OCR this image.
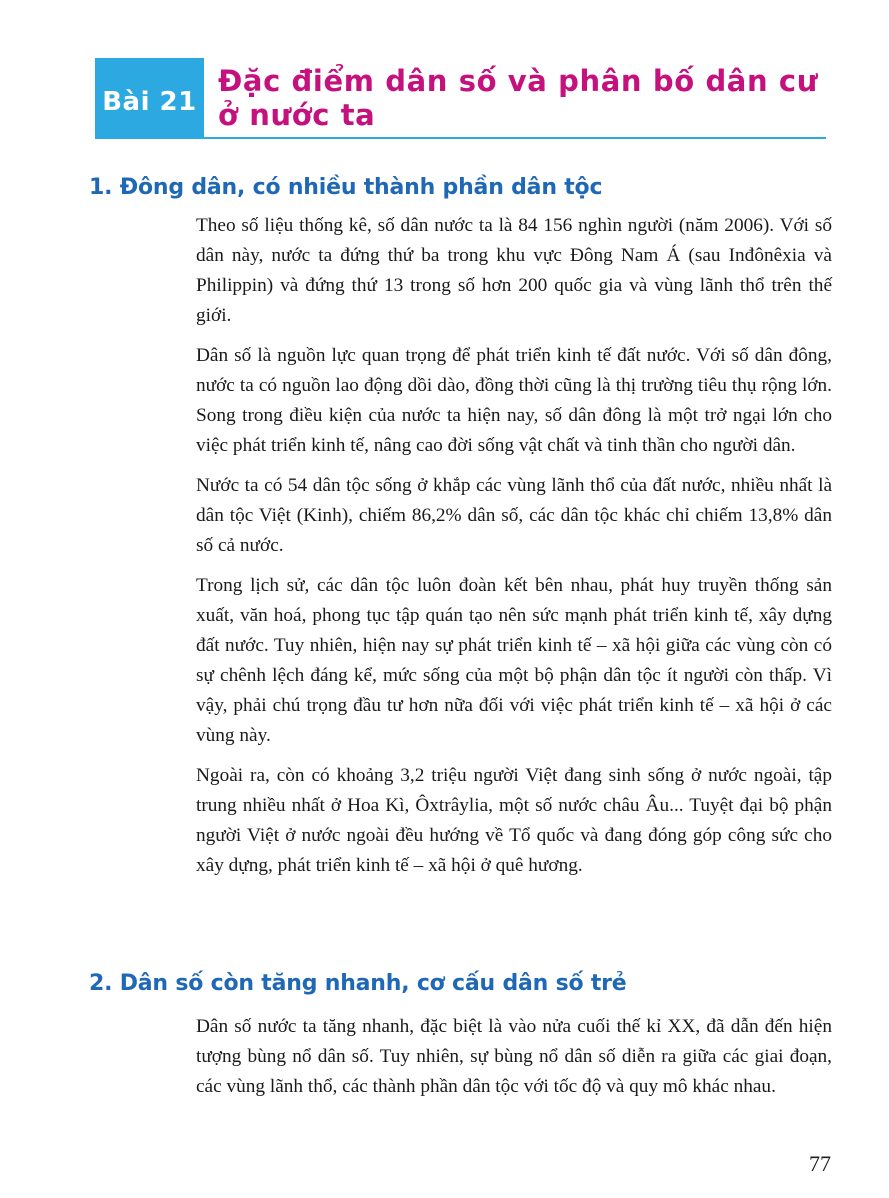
Bài 21
Đặc điểm dân số và phân bố dân cư ở nước ta
1. Đông dân, có nhiều thành phần dân tộc

Theo số liệu thống kê, số dân nước ta là 84 156 nghìn người (năm 2006). Với số dân này, nước ta đứng thứ ba trong khu vực Đông Nam Á (sau Inđônêxia và Philippin) và đứng thứ 13 trong số hơn 200 quốc gia và vùng lãnh thổ trên thế giới.

Dân số là nguồn lực quan trọng để phát triển kinh tế đất nước. Với số dân đông, nước ta có nguồn lao động dồi dào, đồng thời cũng là thị trường tiêu thụ rộng lớn. Song trong điều kiện của nước ta hiện nay, số dân đông là một trở ngại lớn cho việc phát triển kinh tế, nâng cao đời sống vật chất và tinh thần cho người dân.

Nước ta có 54 dân tộc sống ở khắp các vùng lãnh thổ của đất nước, nhiều nhất là dân tộc Việt (Kinh), chiếm 86,2% dân số, các dân tộc khác chỉ chiếm 13,8% dân số cả nước.

Trong lịch sử, các dân tộc luôn đoàn kết bên nhau, phát huy truyền thống sản xuất, văn hoá, phong tục tập quán tạo nên sức mạnh phát triển kinh tế, xây dựng đất nước. Tuy nhiên, hiện nay sự phát triển kinh tế – xã hội giữa các vùng còn có sự chênh lệch đáng kể, mức sống của một bộ phận dân tộc ít người còn thấp. Vì vậy, phải chú trọng đầu tư hơn nữa đối với việc phát triển kinh tế – xã hội ở các vùng này.

Ngoài ra, còn có khoảng 3,2 triệu người Việt đang sinh sống ở nước ngoài, tập trung nhiều nhất ở Hoa Kì, Ôxtrâylia, một số nước châu Âu... Tuyệt đại bộ phận người Việt ở nước ngoài đều hướng về Tổ quốc và đang đóng góp công sức cho xây dựng, phát triển kinh tế – xã hội ở quê hương.

2. Dân số còn tăng nhanh, cơ cấu dân số trẻ

Dân số nước ta tăng nhanh, đặc biệt là vào nửa cuối thế kỉ XX, đã dẫn đến hiện tượng bùng nổ dân số. Tuy nhiên, sự bùng nổ dân số diễn ra giữa các giai đoạn, các vùng lãnh thổ, các thành phần dân tộc với tốc độ và quy mô khác nhau.

77
